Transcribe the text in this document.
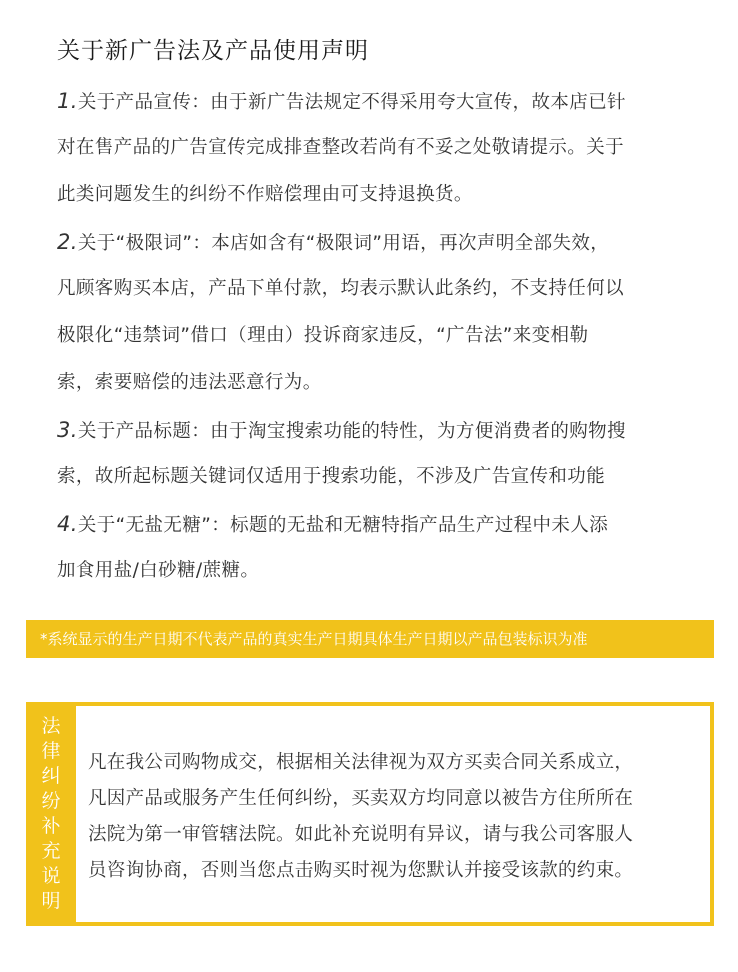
关于新广告法及产品使用声明
1.关于产品宣传：由于新广告法规定不得采用夸大宣传，故本店已针
对在售产品的广告宣传完成排查整改若尚有不妥之处敬请提示。关于
此类问题发生的纠纷不作赔偿理由可支持退换货。
2.关于“极限词”：本店如含有“极限词”用语，再次声明全部失效，
凡顾客购买本店，产品下单付款，均表示默认此条约，不支持任何以
极限化“违禁词”借口（理由）投诉商家违反，“广告法”来变相勒
索，索要赔偿的违法恶意行为。
3.关于产品标题：由于淘宝搜索功能的特性，为方便消费者的购物搜
索，故所起标题关键词仅适用于搜索功能，不涉及广告宣传和功能
4.关于“无盐无糖”：标题的无盐和无糖特指产品生产过程中未人添
加食用盐/白砂糖/蔗糖。
*系统显示的生产日期不代表产品的真实生产日期具体生产日期以产品包装标识为准
法
律
纠
纷
补
充
说
明
凡在我公司购物成交，根据相关法律视为双方买卖合同关系成立，
凡因产品或服务产生任何纠纷，买卖双方均同意以被告方住所所在
法院为第一审管辖法院。如此补充说明有异议，请与我公司客服人
员咨询协商，否则当您点击购买时视为您默认并接受该款的约束。
